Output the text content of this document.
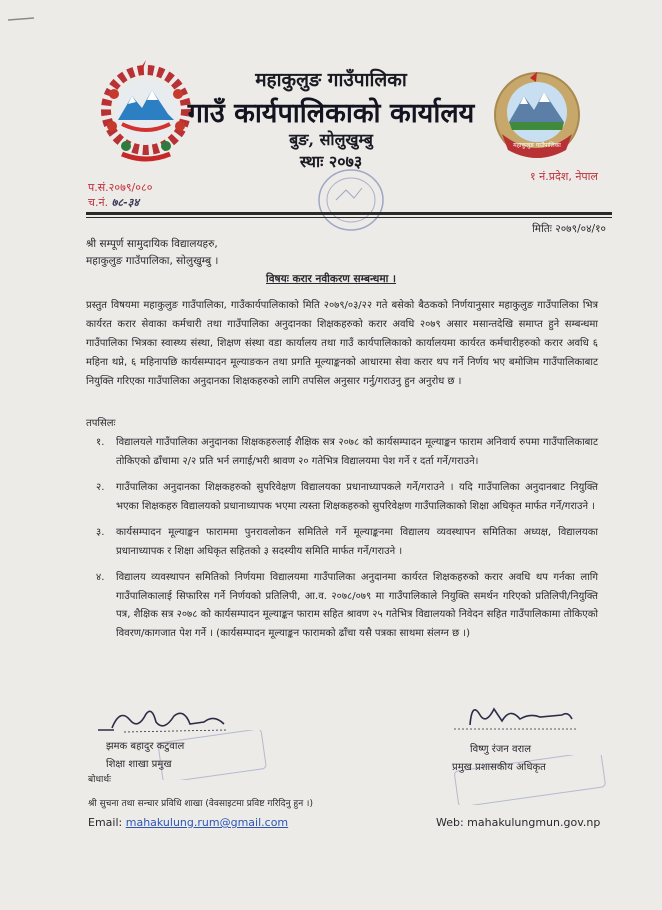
महाकुलुङ गाउँपालिका
गाउँ कार्यपालिकाको कार्यालय
बुङ, सोलुखुम्बु
स्थाः २०७३
महाकुलुङ गाउँपालिका
१ नं.प्रदेश, नेपाल
प.सं.२०७९/०८०
च.नं. ७८-३४
मितिः २०७९/०४/१०
श्री सम्पूर्ण सामुदायिक विद्यालयहरु,
महाकुलुङ गाउँपालिका, सोलुखुम्बु ।
विषयः करार नवीकरण सम्बन्धमा ।
प्रस्तुत विषयमा महाकुलुङ गाउँपालिका, गाउँकार्यपालिकाको मिति २०७९/०३/२२ गते बसेको बैठकको निर्णयानुसार महाकुलुङ गाउँपालिका भित्र कार्यरत करार सेवाका कर्मचारी तथा गाउँपालिका अनुदानका शिक्षकहरुको करार अवधि २०७९ असार मसान्तदेखि समाप्त हुने सम्बन्धमा गाउँपालिका भित्रका स्वास्थ्य संस्था, शिक्षण संस्था वडा कार्यालय तथा गाउँ कार्यपालिकाको कार्यालयमा कार्यरत कर्मचारीहरुको करार अवधि ६ महिना थप्ने, ६ महिनापछि कार्यसम्पादन मूल्याङकन तथा प्रगति मूल्याङ्कनको आधारमा सेवा करार थप गर्ने निर्णय भए बमोजिम गाउँपालिकाबाट नियुक्ति गरिएका गाउँपालिका अनुदानका शिक्षकहरुको लागि तपसिल अनुसार गर्नु/गराउनु हुन अनुरोध छ ।
तपसिलः
१.	विद्यालयले गाउँपालिका अनुदानका शिक्षकहरुलाई शैक्षिक सत्र २०७८ को कार्यसम्पादन मूल्याङ्कन फाराम अनिवार्य रुपमा गाउँपालिकाबाट तोकिएको ढाँचामा २/२ प्रति भर्न लगाई/भरी श्रावण २० गतेभित्र विद्यालयमा पेश गर्ने र दर्ता गर्ने/गराउने।
२.	गाउँपालिका अनुदानका शिक्षकहरुको सुपरिवेक्षण विद्यालयका प्रधानाध्यापकले गर्ने/गराउने । यदि गाउँपालिका अनुदानबाट नियुक्ति भएका शिक्षकहरु विद्यालयको प्रधानाध्यापक भएमा त्यस्ता शिक्षकहरुको सुपरिवेक्षण गाउँपालिकाको शिक्षा अधिकृत मार्फत गर्ने/गराउने ।
३.	कार्यसम्पादन मूल्याङ्कन फाराममा पुनरावलोकन समितिले गर्ने मूल्याङ्कनमा विद्यालय व्यवस्थापन समितिका अध्यक्ष, विद्यालयका प्रधानाध्यापक र शिक्षा अधिकृत सहितको ३ सदस्यीय समिति मार्फत गर्ने/गराउने ।
४.	विद्यालय व्यवस्थापन समितिको निर्णयमा विद्यालयमा गाउँपालिका अनुदानमा कार्यरत शिक्षकहरुको करार अवधि थप गर्नका लागि गाउँपालिकालाई सिफारिस गर्ने निर्णयको प्रतिलिपी, आ.व. २०७८/०७९ मा गाउँपालिकाले नियुक्ति समर्थन गरिएको प्रतिलिपी/नियुक्ति पत्र, शैक्षिक सत्र २०७८ को कार्यसम्पादन मूल्याङ्कन फाराम सहित श्रावण २५ गतेभित्र विद्यालयको निवेदन सहित गाउँपालिकामा तोकिएको विवरण/कागजात पेश गर्ने । (कार्यसम्पादन मूल्याङ्कन फारामको ढाँचा यसै पत्रका साथमा संलग्न छ ।)
झमक बहादुर कटुवाल
शिक्षा शाखा प्रमुख
विष्णु रंजन वराल
प्रमुख प्रशासकीय अधिकृत
बोधार्थः
श्री सुचना तथा सन्चार प्रविधि शाखा (वेवसाइटमा प्रविष्ट गरिदिनु हुन ।)
Email: mahakulung.rum@gmail.com	Web: mahakulungmun.gov.np
